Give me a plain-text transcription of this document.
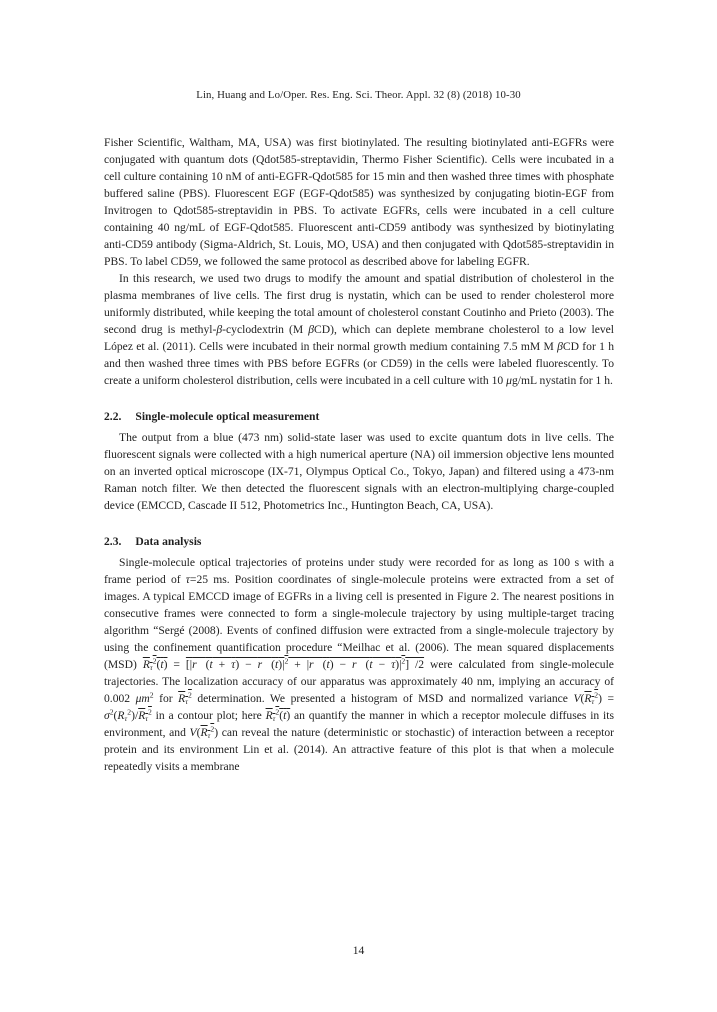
Lin, Huang and Lo/Oper. Res. Eng. Sci. Theor. Appl. 32 (8) (2018) 10-30

Fisher Scientific, Waltham, MA, USA) was first biotinylated. The resulting biotinylated anti-EGFRs were conjugated with quantum dots (Qdot585-streptavidin, Thermo Fisher Scientific). Cells were incubated in a cell culture containing 10 nM of anti-EGFR-Qdot585 for 15 min and then washed three times with phosphate buffered saline (PBS). Fluorescent EGF (EGF-Qdot585) was synthesized by conjugating biotin-EGF from Invitrogen to Qdot585-streptavidin in PBS. To activate EGFRs, cells were incubated in a cell culture containing 40 ng/mL of EGF-Qdot585. Fluorescent anti-CD59 antibody was synthesized by biotinylating anti-CD59 antibody (Sigma-Aldrich, St. Louis, MO, USA) and then conjugated with Qdot585-streptavidin in PBS. To label CD59, we followed the same protocol as described above for labeling EGFR.

In this research, we used two drugs to modify the amount and spatial distribution of cholesterol in the plasma membranes of live cells. The first drug is nystatin, which can be used to render cholesterol more uniformly distributed, while keeping the total amount of cholesterol constant Coutinho and Prieto (2003). The second drug is methyl-β-cyclodextrin (M βCD), which can deplete membrane cholesterol to a low level López et al. (2011). Cells were incubated in their normal growth medium containing 7.5 mM M βCD for 1 h and then washed three times with PBS before EGFRs (or CD59) in the cells were labeled fluorescently. To create a uniform cholesterol distribution, cells were incubated in a cell culture with 10 μg/mL nystatin for 1 h.

2.2. Single-molecule optical measurement

The output from a blue (473 nm) solid-state laser was used to excite quantum dots in live cells. The fluorescent signals were collected with a high numerical aperture (NA) oil immersion objective lens mounted on an inverted optical microscope (IX-71, Olympus Optical Co., Tokyo, Japan) and filtered using a 473-nm Raman notch filter. We then detected the fluorescent signals with an electron-multiplying charge-coupled device (EMCCD, Cascade II 512, Photometrics Inc., Huntington Beach, CA, USA).

2.3. Data analysis

Single-molecule optical trajectories of proteins under study were recorded for as long as 100 s with a frame period of τ=25 ms. Position coordinates of single-molecule proteins were extracted from a set of images. A typical EMCCD image of EGFRs in a living cell is presented in Figure 2. The nearest positions in consecutive frames were connected to form a single-molecule trajectory by using multiple-target tracing algorithm “Sergé (2008). Events of confined diffusion were extracted from a single-molecule trajectory by using the confinement quantification procedure “Meilhac et al. (2006). The mean squared displacements (MSD) $R_\tau^2(t)$ = [|r⃗(t + $\tau) - r⃗(t)|^2$ + |r⃗(t) − r⃗(t − $\tau)|^2$] /2 were calculated from single-molecule trajectories. The localization accuracy of our apparatus was approximately 40 nm, implying an accuracy of 0.002 $\mu m^2$ for $R_\tau^2$ determination. We presented a histogram of MSD and normalized variance $V(R_\tau^2) = \sigma^2(R_\tau^2)/R_\tau^2$ in a contour plot; here $R_\tau^2(t)$ an quantify the manner in which a receptor molecule diffuses in its environment, and $V(R_\tau^2)$ can reveal the nature (deterministic or stochastic) of interaction between a receptor protein and its environment Lin et al. (2014). An attractive feature of this plot is that when a molecule repeatedly visits a membrane

14
